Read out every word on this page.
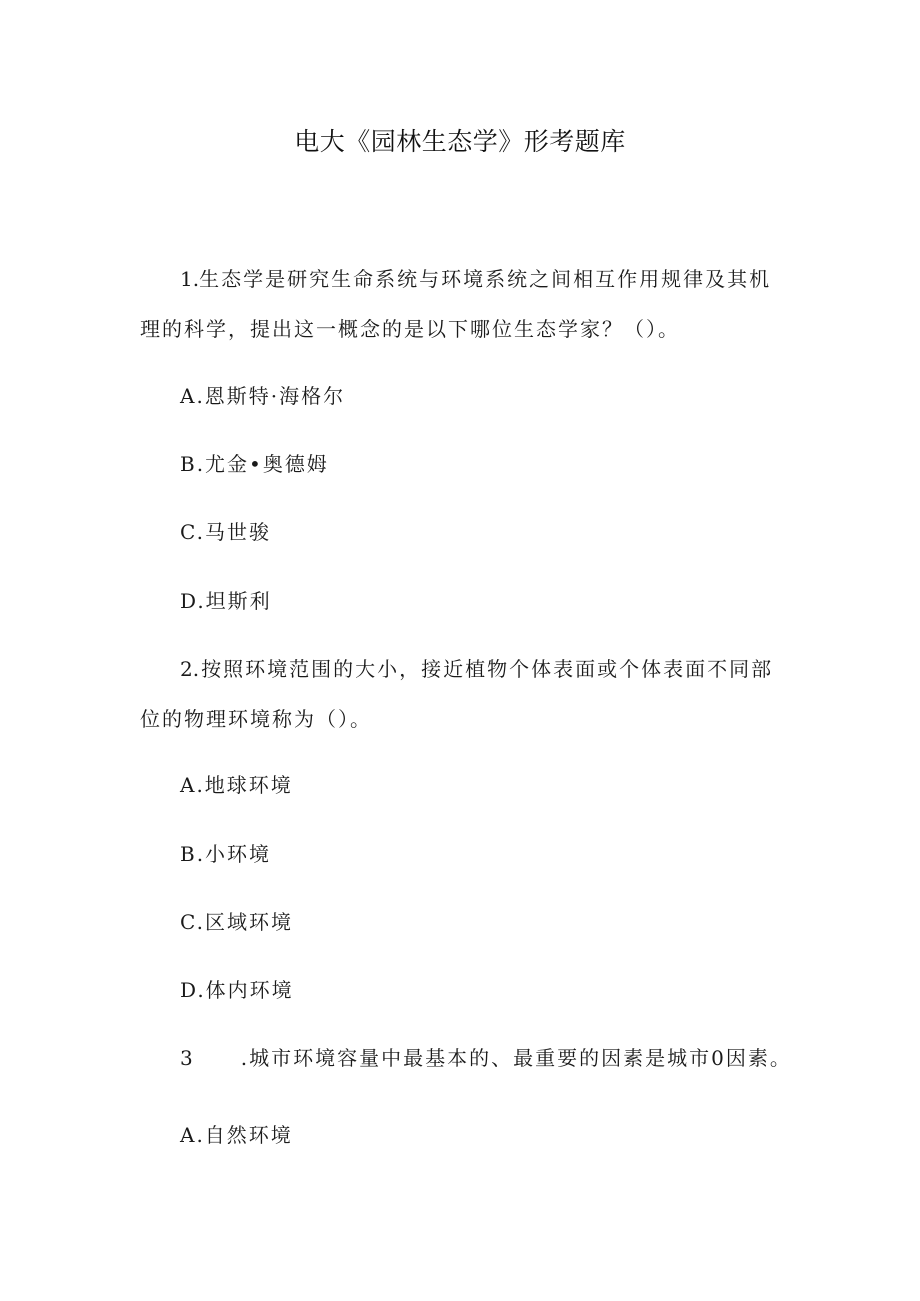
电大《园林生态学》形考题库
1.生态学是研究生命系统与环境系统之间相互作用规律及其机
理的科学，提出这一概念的是以下哪位生态学家？（）。
A.恩斯特·海格尔
B.尤金•奥德姆
C.马世骏
D.坦斯利
2.按照环境范围的大小，接近植物个体表面或个体表面不同部
位的物理环境称为（）。
A.地球环境
B.小环境
C.区域环境
D.体内环境
3 .城市环境容量中最基本的、最重要的因素是城市0因素。
A.自然环境
